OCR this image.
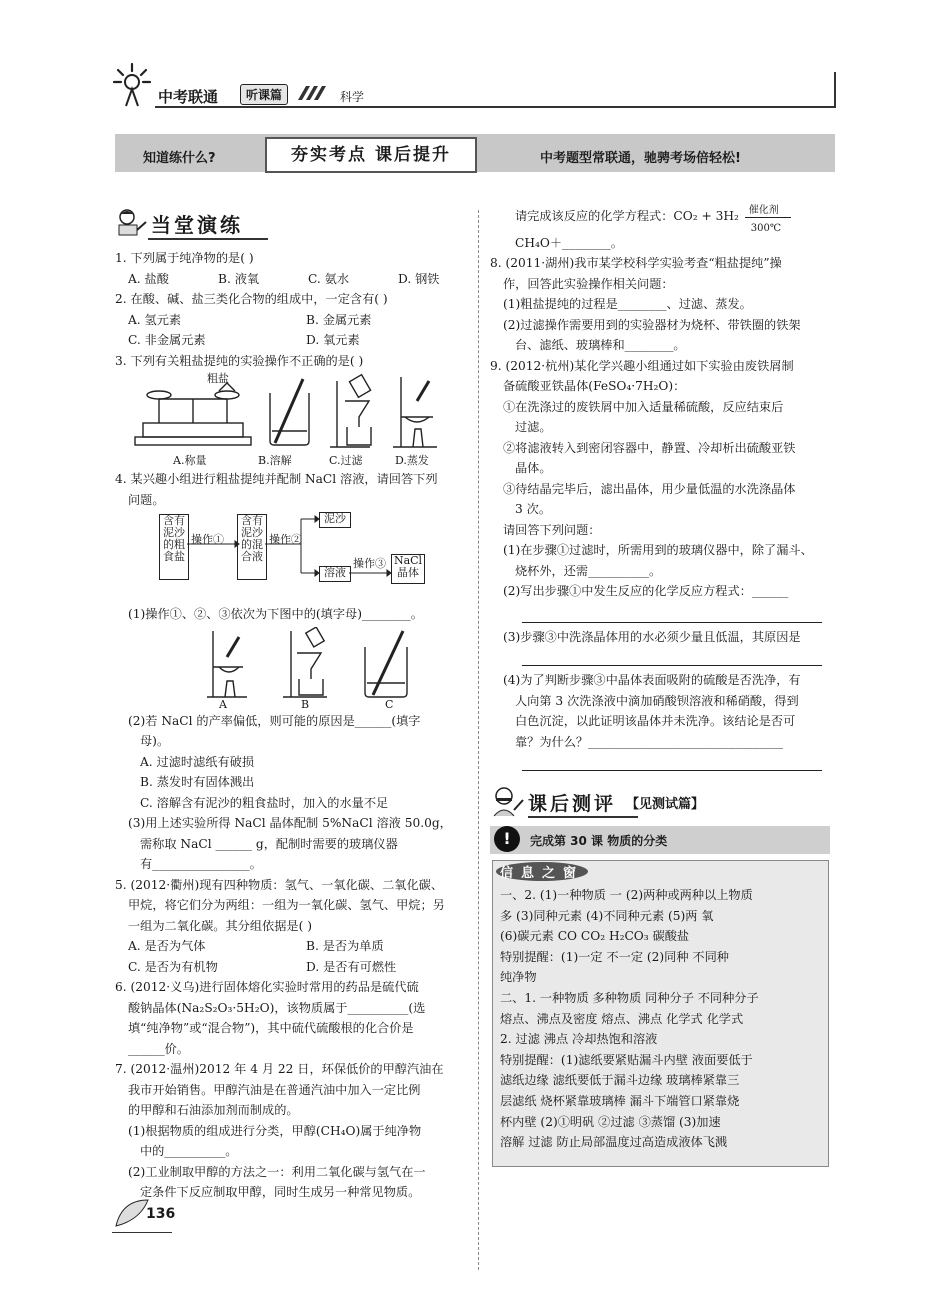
中考联通	听课篇	科学
知道练什么?	夯实考点 课后提升	中考题型常联通，驰骋考场倍轻松!
当堂演练
1. 下列属于纯净物的是( )
A. 盐酸	B. 液氧	C. 氨水	D. 钢铁
2. 在酸、碱、盐三类化合物的组成中，一定含有( )
A. 氢元素	B. 金属元素
C. 非金属元素	D. 氧元素
3. 下列有关粗盐提纯的实验操作不正确的是( )
粗盐
A.称量	B.溶解	C.过滤	D.蒸发
4. 某兴趣小组进行粗盐提纯并配制 NaCl 溶液，请回答下列
问题。
含有泥沙的粗食盐
操作①
含有泥沙的混合液
操作②
泥沙
溶液
操作③ NaCl晶体
(1)操作①、②、③依次为下图中的(填字母)________。
A	B	C
(2)若 NaCl 的产率偏低，则可能的原因是______(填字
母)。
A. 过滤时滤纸有破损
B. 蒸发时有固体溅出
C. 溶解含有泥沙的粗食盐时，加入的水量不足
(3)用上述实验所得 NaCl 晶体配制 5%NaCl 溶液 50.0g，
需称取 NaCl ______ g，配制时需要的玻璃仪器
有________________。
5. (2012·衢州)现有四种物质：氢气、一氧化碳、二氧化碳、
甲烷，将它们分为两组：一组为一氧化碳、氢气、甲烷；另
一组为二氧化碳。其分组依据是( )
A. 是否为气体	B. 是否为单质
C. 是否为有机物	D. 是否有可燃性
6. (2012·义乌)进行固体熔化实验时常用的药品是硫代硫
酸钠晶体(Na₂S₂O₃·5H₂O)，该物质属于__________(选
填“纯净物”或“混合物”)，其中硫代硫酸根的化合价是
______价。
7. (2012·温州)2012 年 4 月 22 日，环保低价的甲醇汽油在
我市开始销售。甲醇汽油是在普通汽油中加入一定比例
的甲醇和石油添加剂而制成的。
(1)根据物质的组成进行分类，甲醇(CH₄O)属于纯净物
中的__________。
(2)工业制取甲醇的方法之一：利用二氧化碳与氢气在一
定条件下反应制取甲醇，同时生成另一种常见物质。
请完成该反应的化学方程式：CO₂ + 3H₂ 催化剂
300℃
CH₄O＋________。
8. (2011·湖州)我市某学校科学实验考查“粗盐提纯”操
作，回答此实验操作相关问题：
(1)粗盐提纯的过程是________、过滤、蒸发。
(2)过滤操作需要用到的实验器材为烧杯、带铁圈的铁架
台、滤纸、玻璃棒和________。
9. (2012·杭州)某化学兴趣小组通过如下实验由废铁屑制
备硫酸亚铁晶体(FeSO₄·7H₂O)：
①在洗涤过的废铁屑中加入适量稀硫酸，反应结束后
过滤。
②将滤液转入到密闭容器中，静置、冷却析出硫酸亚铁
晶体。
③待结晶完毕后，滤出晶体，用少量低温的水洗涤晶体
3 次。
请回答下列问题：
(1)在步骤①过滤时，所需用到的玻璃仪器中，除了漏斗、
烧杯外，还需__________。
(2)写出步骤①中发生反应的化学反应方程式：______
(3)步骤③中洗涤晶体用的水必须少量且低温，其原因是
(4)为了判断步骤③中晶体表面吸附的硫酸是否洗净，有
人向第 3 次洗涤液中滴加硝酸钡溶液和稀硝酸，得到
白色沉淀，以此证明该晶体并未洗净。该结论是否可
靠？为什么？________________________________
课后测评 【见测试篇】
!	完成第 30 课 物质的分类
信息之窗
一、2. (1)一种物质 一 (2)两种或两种以上物质
多 (3)同种元素 (4)不同种元素 (5)两 氧
(6)碳元素 CO CO₂ H₂CO₃ 碳酸盐
特别提醒：(1)一定 不一定 (2)同种 不同种
纯净物
二、1. 一种物质 多种物质 同种分子 不同种分子
熔点、沸点及密度 熔点、沸点 化学式 化学式
2. 过滤 沸点 冷却热饱和溶液
特别提醒：(1)滤纸要紧贴漏斗内壁 液面要低于
滤纸边缘 滤纸要低于漏斗边缘 玻璃棒紧靠三
层滤纸 烧杯紧靠玻璃棒 漏斗下端管口紧靠烧
杯内壁 (2)①明矾 ②过滤 ③蒸馏 (3)加速
溶解 过滤 防止局部温度过高造成液体飞溅
136
